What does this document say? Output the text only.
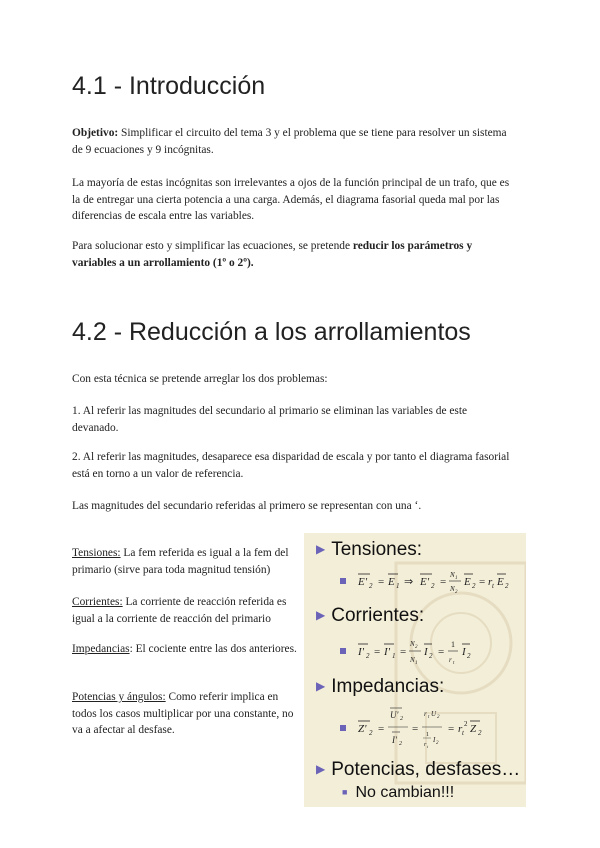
4.1 - Introducción

Objetivo: Simplificar el circuito del tema 3 y el problema que se tiene para resolver un sistema de 9 ecuaciones y 9 incógnitas.

La mayoría de estas incógnitas son irrelevantes a ojos de la función principal de un trafo, que es la de entregar una cierta potencia a una carga. Además, el diagrama fasorial queda mal por las diferencias de escala entre las variables.

Para solucionar esto y simplificar las ecuaciones, se pretende reducir los parámetros y variables a un arrollamiento (1º o 2º).

4.2 - Reducción a los arrollamientos

Con esta técnica se pretende arreglar los dos problemas:

1. Al referir las magnitudes del secundario al primario se eliminan las variables de este devanado.

2. Al referir las magnitudes, desaparece esa disparidad de escala y por tanto el diagrama fasorial está en torno a un valor de referencia.

Las magnitudes del secundario referidas al primero se representan con una ‘.

Tensiones: La fem referida es igual a la fem del primario (sirve para toda magnitud tensión)

Corrientes: La corriente de reacción referida es igual a la corriente de reacción del primario

Impedancias: El cociente entre las dos anteriores.

Potencias y ángulos: Como referir implica en todos los casos multiplicar por una constante, no va a afectar al desfase.

▶ Tensiones:
E' 2 = E 1 ⇒ E' 2 =
N 1
N 2
E 2 = r t E 2
▶ Corrientes:
I' 2 = I' 1 =
N 2
N 1
I 2 =
1
r t
I 2
▶ Impedancias:
Z' 2 =
U' 2
I' 2
=
r t U 2
1
r t
I 2
= r t
2 Z 2
▶ Potencias, desfases…
■ No cambian!!!
